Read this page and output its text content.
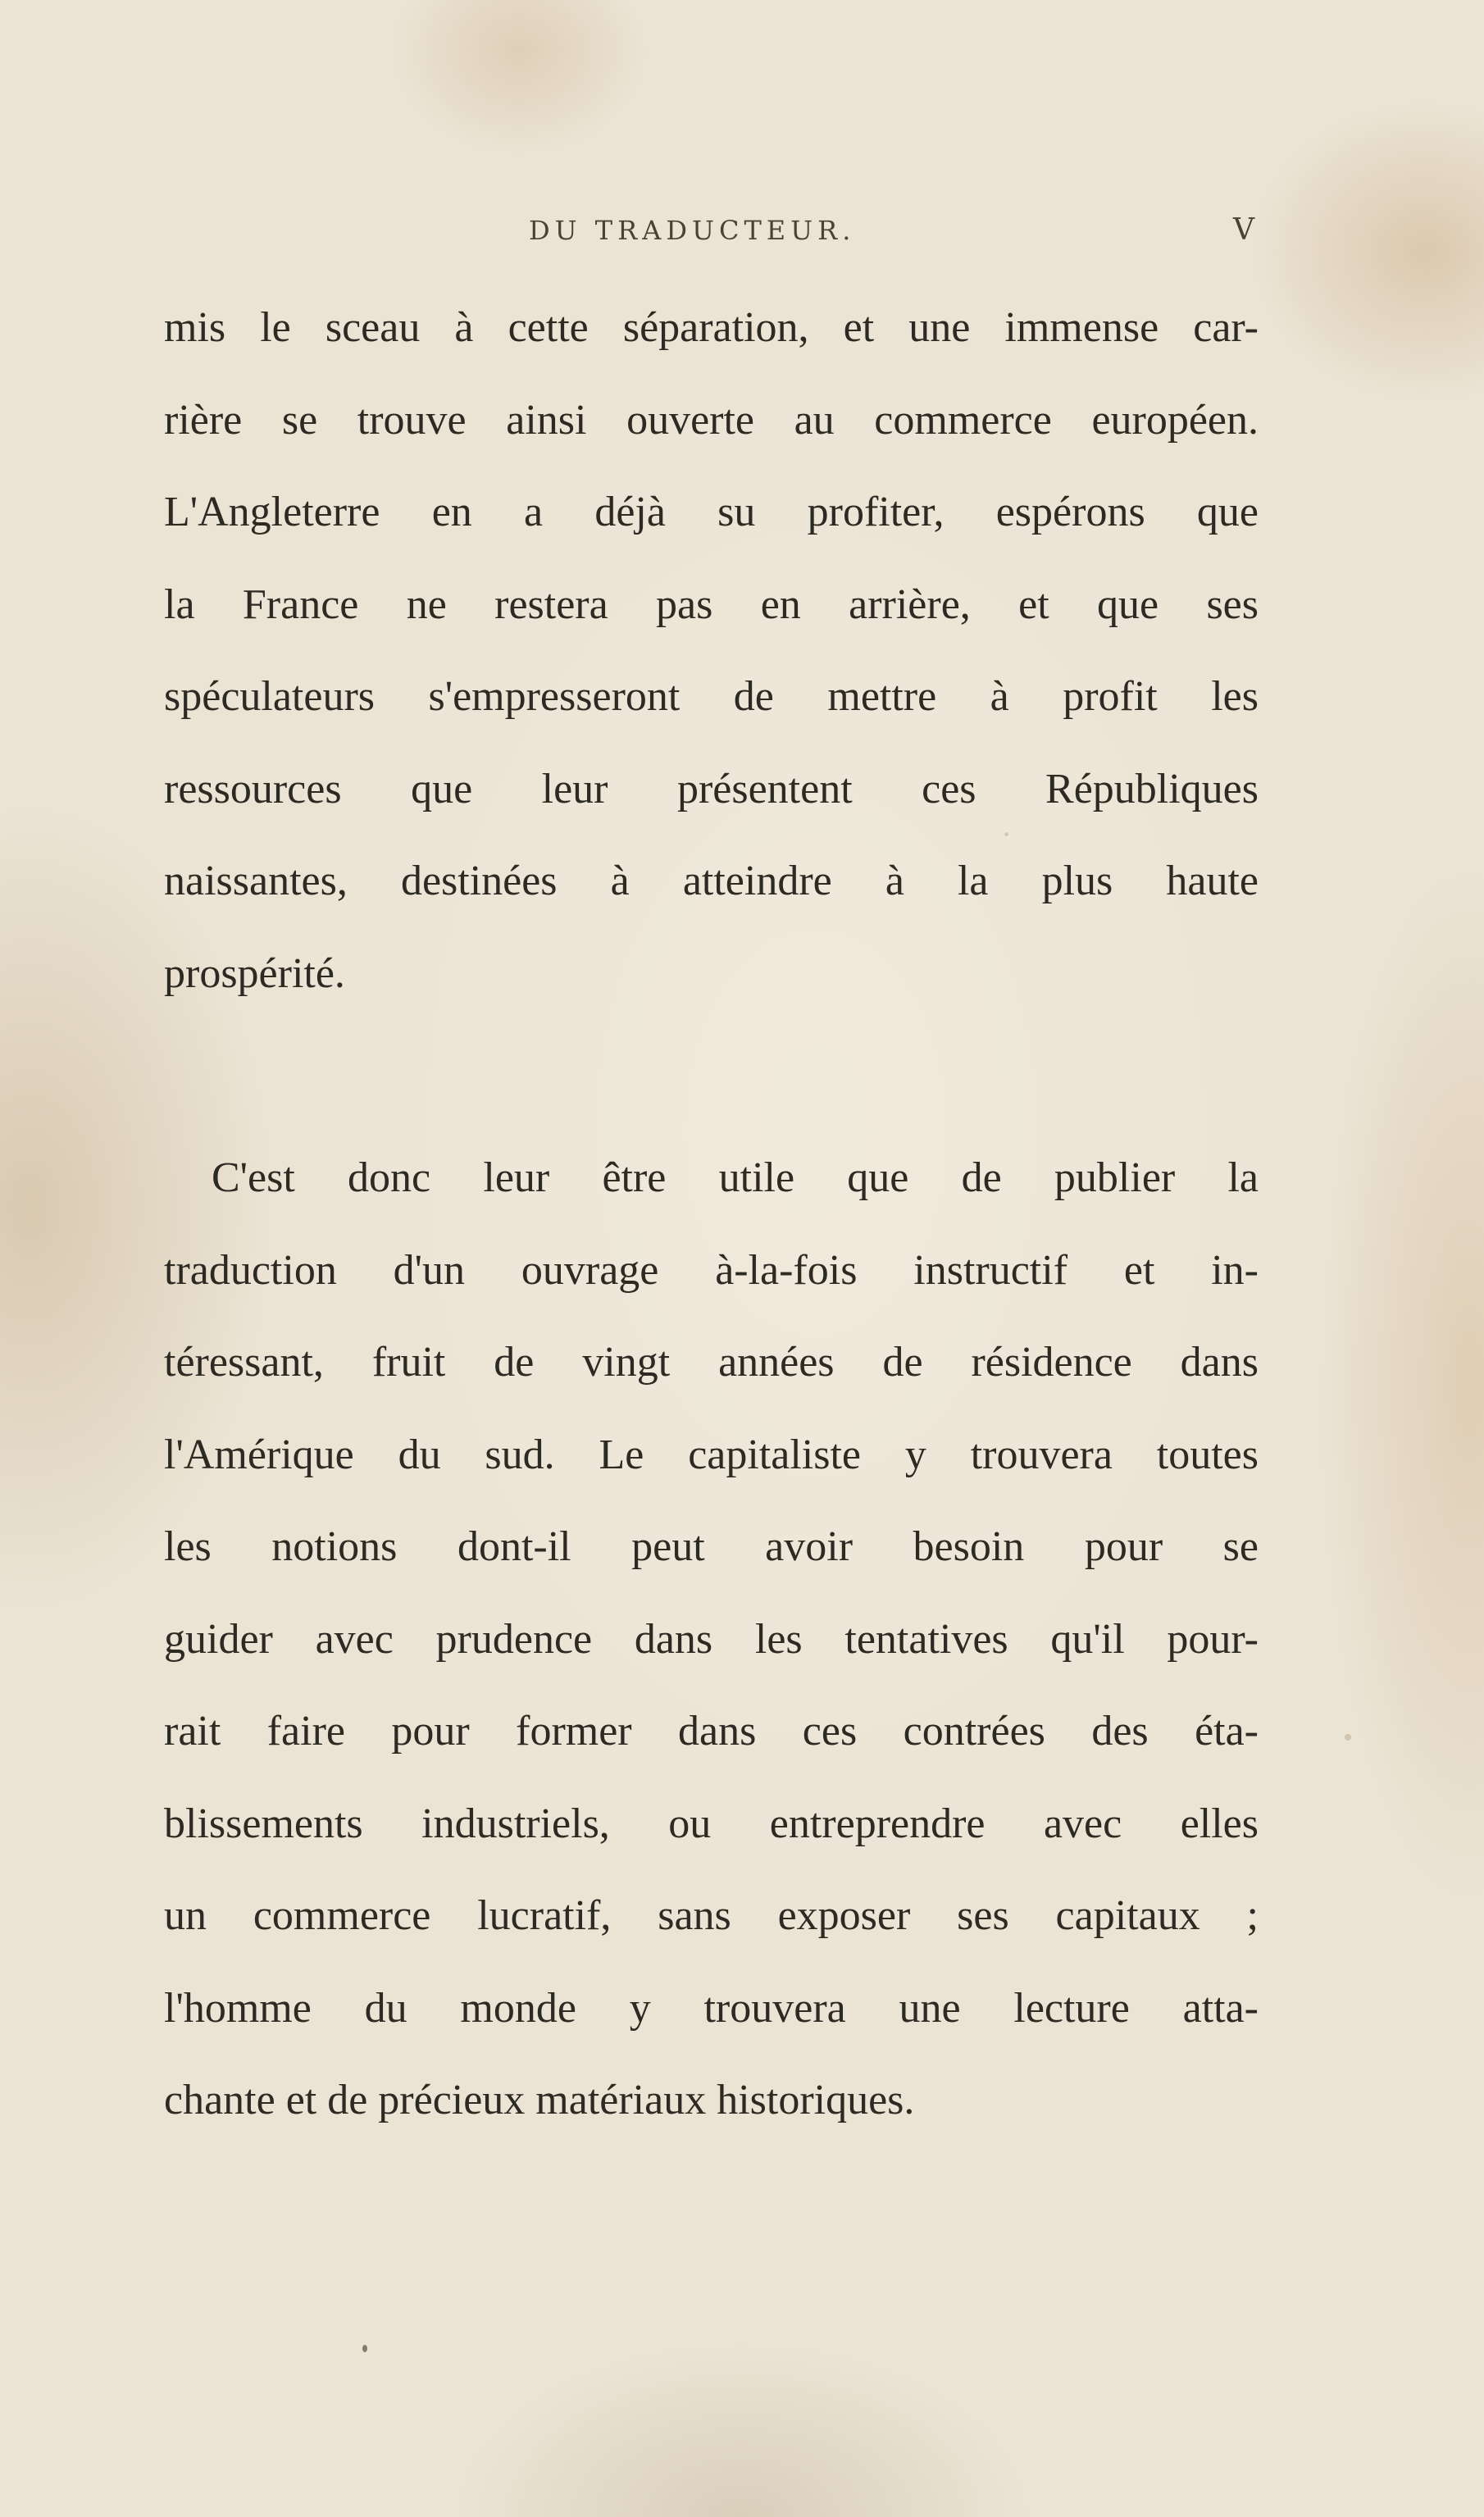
DU TRADUCTEUR.	V
mis le sceau à cette séparation, et une immense car-
rière se trouve ainsi ouverte au commerce européen.
L'Angleterre en a déjà su profiter, espérons que
la France ne restera pas en arrière, et que ses
spéculateurs s'empresseront de mettre à profit les
ressources que leur présentent ces Républiques
naissantes, destinées à atteindre à la plus haute
prospérité.
C'est donc leur être utile que de publier la
traduction d'un ouvrage à-la-fois instructif et in-
téressant, fruit de vingt années de résidence dans
l'Amérique du sud. Le capitaliste y trouvera toutes
les notions dont-il peut avoir besoin pour se
guider avec prudence dans les tentatives qu'il pour-
rait faire pour former dans ces contrées des éta-
blissements industriels, ou entreprendre avec elles
un commerce lucratif, sans exposer ses capitaux ;
l'homme du monde y trouvera une lecture atta-
chante et de précieux matériaux historiques.
